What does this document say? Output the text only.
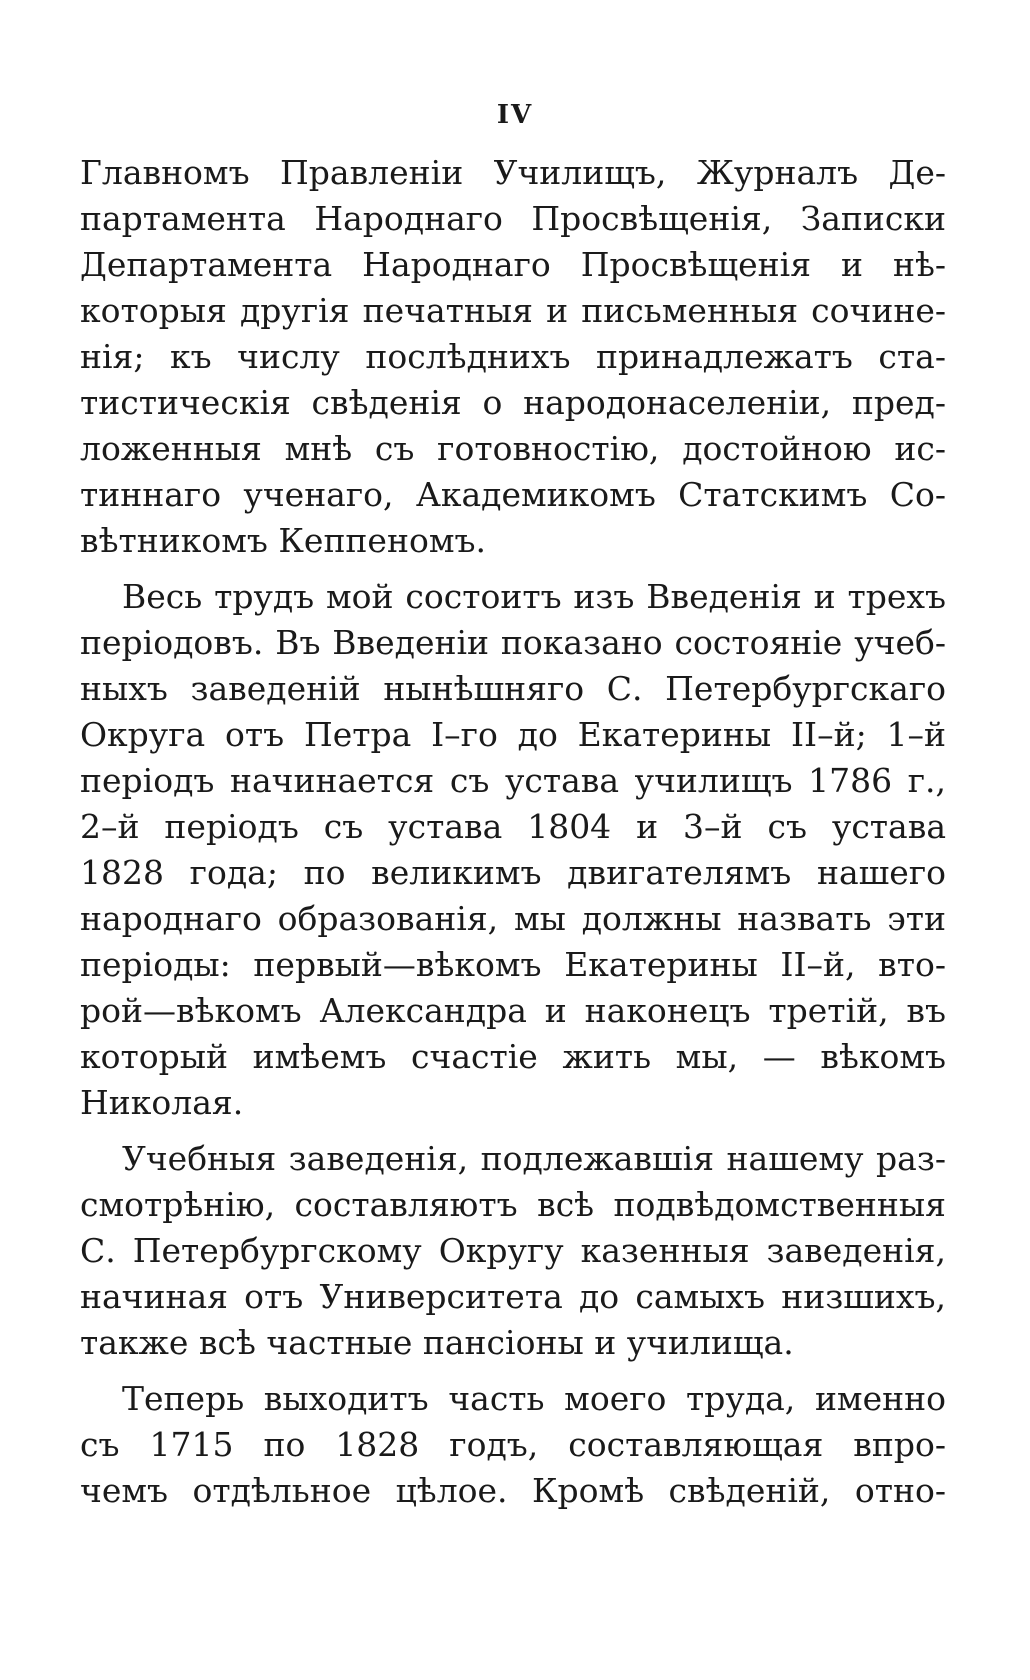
IV
Главномъ Правленіи Училищъ, Журналъ Де-
партамента Народнаго Просвѣщенія, Записки
Департамента Народнаго Просвѣщенія и нѣ-
которыя другія печатныя и письменныя сочине-
нія; къ числу послѣднихъ принадлежатъ ста-
тистическія свѣденія о народонаселеніи, пред-
ложенныя мнѣ съ готовностію, достойною ис-
тиннаго ученаго, Академикомъ Статскимъ Со-
вѣтникомъ Кеппеномъ.
Весь трудъ мой состоитъ изъ Введенія и трехъ
періодовъ. Въ Введеніи показано состояніе учеб-
ныхъ заведеній нынѣшняго С. Петербургскаго
Округа отъ Петра I–го до Екатерины II–й; 1–й
періодъ начинается съ устава училищъ 1786 г.,
2–й періодъ съ устава 1804 и 3–й съ устава
1828 года; по великимъ двигателямъ нашего
народнаго образованія, мы должны назвать эти
періоды: первый—вѣкомъ Екатерины II–й, вто-
рой—вѣкомъ Александра и наконецъ третій, въ
который имѣемъ счастіе жить мы, — вѣкомъ
Николая.
Учебныя заведенія, подлежавшія нашему раз-
смотрѣнію, составляютъ всѣ подвѣдомственныя
С. Петербургскому Округу казенныя заведенія,
начиная отъ Университета до самыхъ низшихъ,
также всѣ частные пансіоны и училища.
Теперь выходитъ часть моего труда, именно
съ 1715 по 1828 годъ, составляющая впро-
чемъ отдѣльное цѣлое. Кромѣ свѣденій, отно-
